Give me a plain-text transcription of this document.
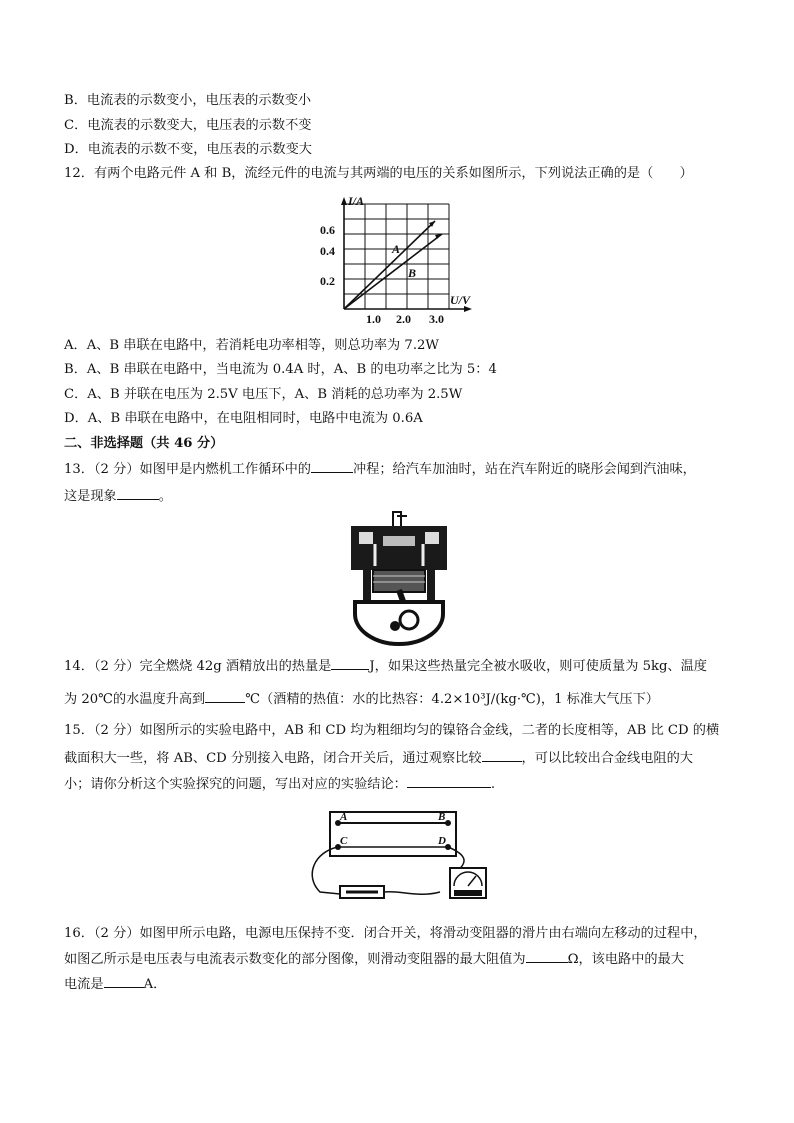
B．电流表的示数变小，电压表的示数变小
C．电流表的示数变大，电压表的示数不变
D．电流表的示数不变，电压表的示数变大
12．有两个电路元件 A 和 B，流经元件的电流与其两端的电压的关系如图所示，下列说法正确的是（　　）
I/A
U/V
0.6
0.4
0.2
1.0 2.0 3.0
A
B
A．A、B 串联在电路中，若消耗电功率相等，则总功率为 7.2W
B．A、B 串联在电路中，当电流为 0.4A 时，A、B 的电功率之比为 5：4
C．A、B 并联在电压为 2.5V 电压下，A、B 消耗的总功率为 2.5W
D．A、B 串联在电路中，在电阻相同时，电路中电流为 0.6A
二、非选择题（共 46 分）
13．（2 分）如图甲是内燃机工作循环中的	冲程；给汽车加油时，站在汽车附近的晓彤会闻到汽油味，
这是现象	。
14．（2 分）完全燃烧 42g 酒精放出的热量是	J，如果这些热量完全被水吸收，则可使质量为 5kg、温度
为 20℃的水温度升高到	℃（酒精的热值：水的比热容：4.2×10³J/(kg·℃)，1 标准大气压下）
15．（2 分）如图所示的实验电路中，AB 和 CD 均为粗细均匀的镍铬合金线，二者的长度相等，AB 比 CD 的横
截面积大一些，将 AB、CD 分别接入电路，闭合开关后，通过观察比较	，可以比较出合金线电阻的大
小；请你分析这个实验探究的问题，写出对应的实验结论：	.
A	B
C	D
16．（2 分）如图甲所示电路，电源电压保持不变．闭合开关，将滑动变阻器的滑片由右端向左移动的过程中，
如图乙所示是电压表与电流表示数变化的部分图像，则滑动变阻器的最大阻值为	Ω，该电路中的最大
电流是	A．
